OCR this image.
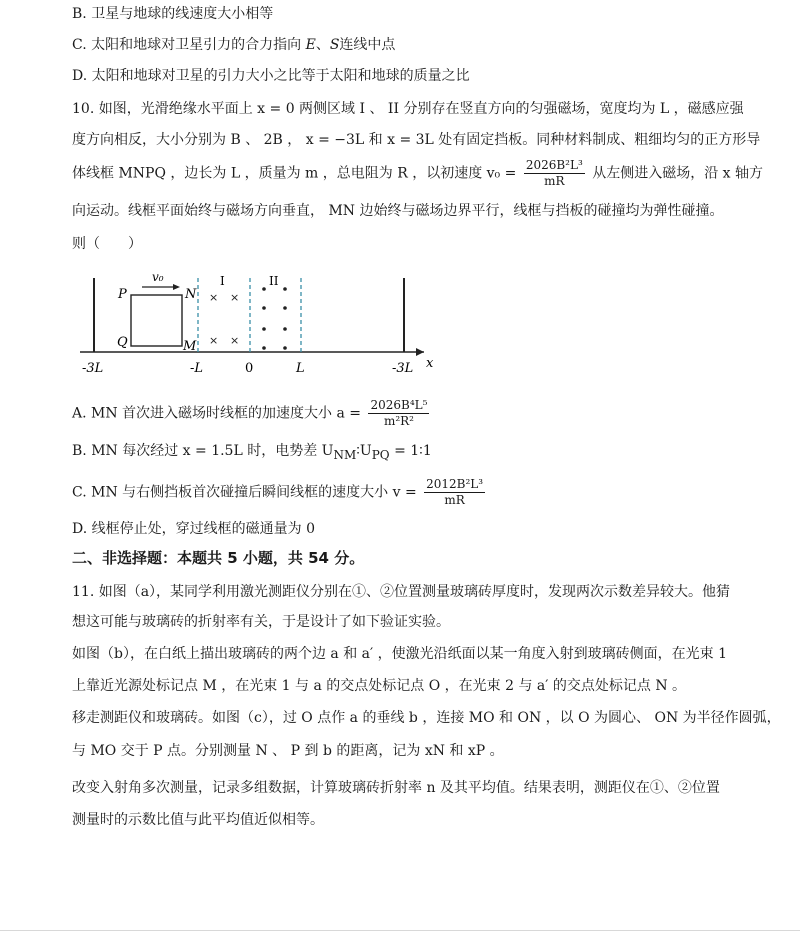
B. 卫星与地球的线速度大小相等
C. 太阳和地球对卫星引力的合力指向 E、S连线中点
D. 太阳和地球对卫星的引力大小之比等于太阳和地球的质量之比
10. 如图，光滑绝缘水平面上 x = 0 两侧区域 I 、 II 分别存在竖直方向的匀强磁场，宽度均为 L ，磁感应强
度方向相反，大小分别为 B 、 2B ， x = −3L 和 x = 3L 处有固定挡板。同种材料制成、粗细均匀的正方形导
体线框 MNPQ ，边长为 L ，质量为 m ，总电阻为 R ，以初速度 $v_0 = \frac{\text{2026B²L³}}{mR}$ 从左侧进入磁场，沿 x 轴方
向运动。线框平面始终与磁场方向垂直， MN 边始终与磁场边界平行，线框与挡板的碰撞均为弹性碰撞。
则（　　）
x
v₀
P	N
Q	M
I	II
× ×
× ×
-3L	-L	0	L	-3L
A. MN 首次进入磁场时线框的加速度大小 $a = \frac{\text{2026B⁴L⁵}}{\text{m²R²}}$
B. MN 每次经过 x = 1.5L 时，电势差 $U_{NM}∶U_{PQ}$ = 1∶1
C. MN 与右侧挡板首次碰撞后瞬间线框的速度大小 $v = \frac{\text{2012B²L³}}{mR}$
D. 线框停止处，穿过线框的磁通量为 0
二、非选择题：本题共 5 小题，共 54 分。
11. 如图（a），某同学利用激光测距仪分别在①、②位置测量玻璃砖厚度时，发现两次示数差异较大。他猜
想这可能与玻璃砖的折射率有关，于是设计了如下验证实验。
如图（b），在白纸上描出玻璃砖的两个边 a 和 a′ ，使激光沿纸面以某一角度入射到玻璃砖侧面，在光束 1
上靠近光源处标记点 M ，在光束 1 与 a 的交点处标记点 O ，在光束 2 与 a′ 的交点处标记点 N 。
移走测距仪和玻璃砖。如图（c），过 O 点作 a 的垂线 b ，连接 MO 和 ON ，以 O 为圆心、 ON 为半径作圆弧，
与 MO 交于 P 点。分别测量 N 、 P 到 b 的距离，记为 xN 和 xP 。
改变入射角多次测量，记录多组数据，计算玻璃砖折射率 n 及其平均值。结果表明，测距仪在①、②位置
测量时的示数比值与此平均值近似相等。
